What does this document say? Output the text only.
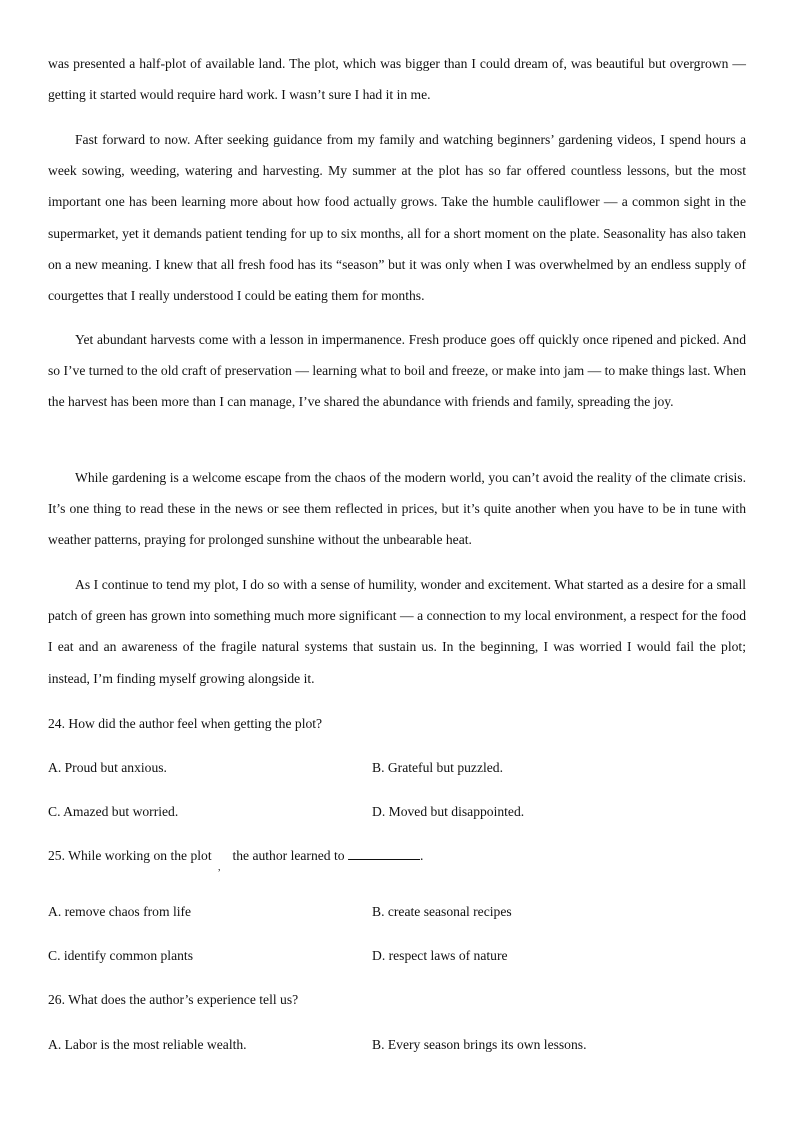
was presented a half-plot of available land. The plot, which was bigger than I could dream of, was beautiful but overgrown — getting it started would require hard work. I wasn’t sure I had it in me.

Fast forward to now. After seeking guidance from my family and watching beginners’ gardening videos, I spend hours a week sowing, weeding, watering and harvesting. My summer at the plot has so far offered countless lessons, but the most important one has been learning more about how food actually grows. Take the humble cauliflower — a common sight in the supermarket, yet it demands patient tending for up to six months, all for a short moment on the plate. Seasonality has also taken on a new meaning. I knew that all fresh food has its “season” but it was only when I was overwhelmed by an endless supply of courgettes that I really understood I could be eating them for months.

Yet abundant harvests come with a lesson in impermanence. Fresh produce goes off quickly once ripened and picked. And so I’ve turned to the old craft of preservation — learning what to boil and freeze, or make into jam — to make things last. When the harvest has been more than I can manage, I’ve shared the abundance with friends and family, spreading the joy.

While gardening is a welcome escape from the chaos of the modern world, you can’t avoid the reality of the climate crisis. It’s one thing to read these in the news or see them reflected in prices, but it’s quite another when you have to be in tune with weather patterns, praying for prolonged sunshine without the unbearable heat.

As I continue to tend my plot, I do so with a sense of humility, wonder and excitement. What started as a desire for a small patch of green has grown into something much more significant — a connection to my local environment, a respect for the food I eat and an awareness of the fragile natural systems that sustain us. In the beginning, I was worried I would fail the plot; instead, I’m finding myself growing alongside it.

24. How did the author feel when getting the plot?

A. Proud but anxious.	B. Grateful but puzzled.

C. Amazed but worried.	D. Moved but disappointed.

25. While working on the plot the author learned to	.

,

A. remove chaos from life	B. create seasonal recipes

C. identify common plants	D. respect laws of nature

26. What does the author’s experience tell us?

A. Labor is the most reliable wealth.	B. Every season brings its own lessons.
